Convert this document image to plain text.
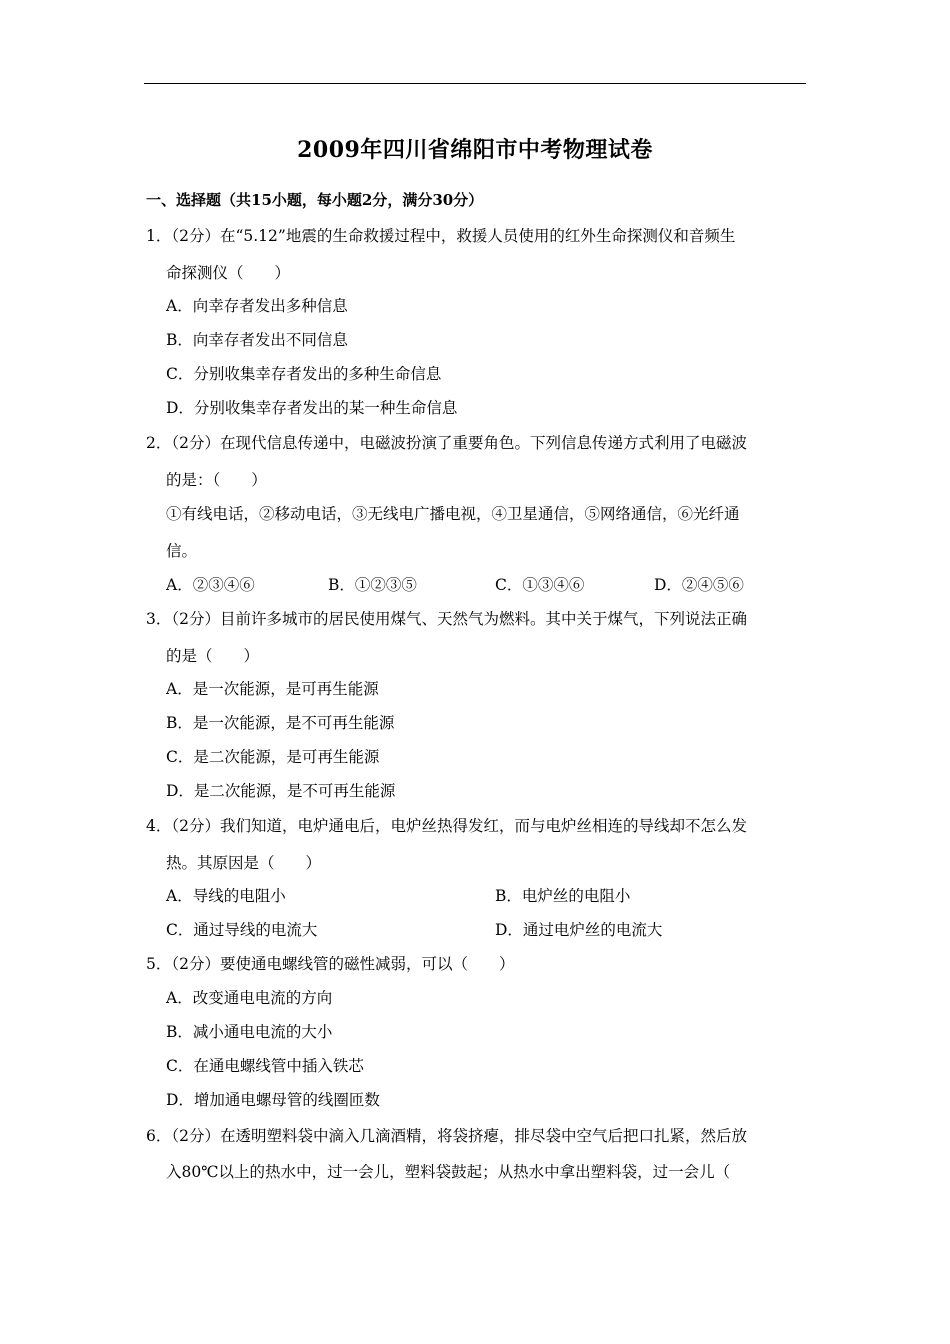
2009年四川省绵阳市中考物理试卷
一、选择题（共15小题，每小题2分，满分30分）
1．（2分）在“5.12”地震的生命救援过程中，救援人员使用的红外生命探测仪和音频生
命探测仪（　　）
A．向幸存者发出多种信息
B．向幸存者发出不同信息
C．分别收集幸存者发出的多种生命信息
D．分别收集幸存者发出的某一种生命信息
2．（2分）在现代信息传递中，电磁波扮演了重要角色。下列信息传递方式利用了电磁波
的是：（　　）
①有线电话，②移动电话，③无线电广播电视，④卫星通信，⑤网络通信，⑥光纤通
信。
A．②③④⑥	B．①②③⑤	C．①③④⑥	D．②④⑤⑥
3．（2分）目前许多城市的居民使用煤气、天然气为燃料。其中关于煤气，下列说法正确
的是（　　）
A．是一次能源，是可再生能源
B．是一次能源，是不可再生能源
C．是二次能源，是可再生能源
D．是二次能源，是不可再生能源
4．（2分）我们知道，电炉通电后，电炉丝热得发红，而与电炉丝相连的导线却不怎么发
热。其原因是（　　）
A．导线的电阻小	B．电炉丝的电阻小
C．通过导线的电流大	D．通过电炉丝的电流大
5．（2分）要使通电螺线管的磁性减弱，可以（　　）
A．改变通电电流的方向
B．减小通电电流的大小
C．在通电螺线管中插入铁芯
D．增加通电螺母管的线圈匝数
6．（2分）在透明塑料袋中滴入几滴酒精，将袋挤瘪，排尽袋中空气后把口扎紧，然后放
入80℃以上的热水中，过一会儿，塑料袋鼓起；从热水中拿出塑料袋，过一会儿（
